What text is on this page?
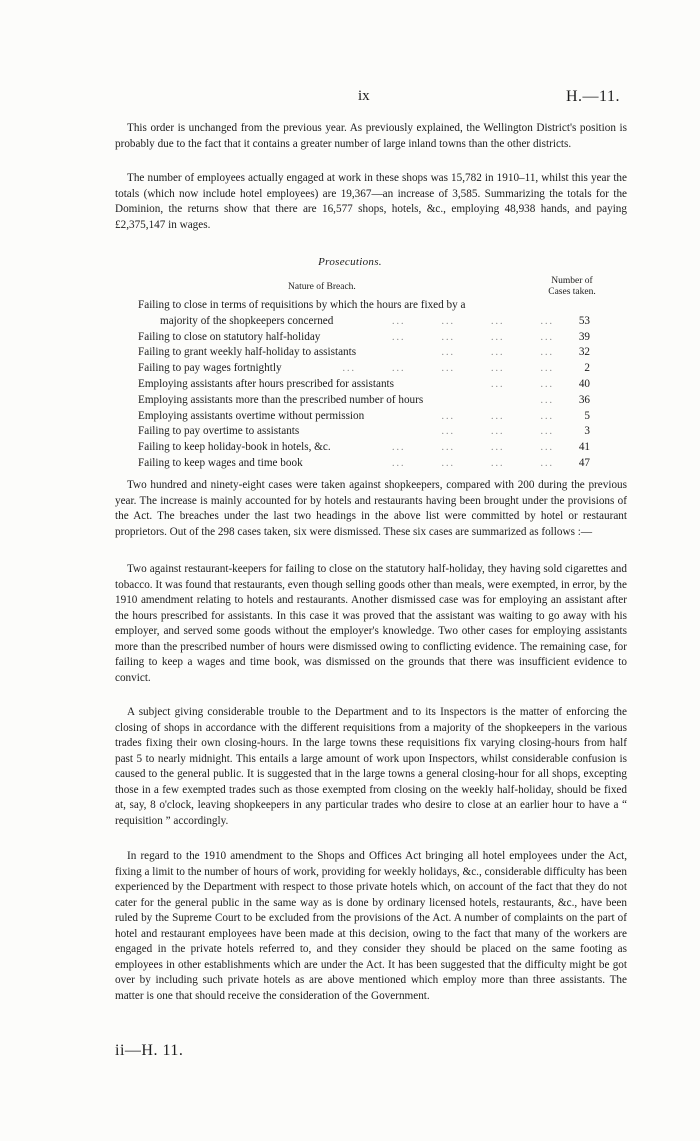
ix	H.—11.

This order is unchanged from the previous year. As previously explained, the Wellington District's position is probably due to the fact that it contains a greater number of large inland towns than the other districts.

The number of employees actually engaged at work in these shops was 15,782 in 1910–11, whilst this year the totals (which now include hotel employees) are 19,367—an increase of 3,585. Summarizing the totals for the Dominion, the returns show that there are 16,577 shops, hotels, &c., employing 48,938 hands, and paying £2,375,147 in wages.

Prosecutions.
Nature of Breach.
Number of
Cases taken.
Failing to close in terms of requisitions by which the hours are fixed by a
majority of the shopkeepers concerned	...        ...        ...        ...	53
Failing to close on statutory half-holiday	...        ...        ...        ...	39
Failing to grant weekly half-holiday to assistants	...        ...        ...	32
Failing to pay wages fortnightly	...        ...        ...        ...        ...	2
Employing assistants after hours prescribed for assistants	...        ...	40
Employing assistants more than the prescribed number of hours	...	36
Employing assistants overtime without permission	...        ...        ...	5
Failing to pay overtime to assistants	...        ...        ...	3
Failing to keep holiday-book in hotels, &c.	...        ...        ...        ...	41
Failing to keep wages and time book	...        ...        ...        ...	47

Two hundred and ninety-eight cases were taken against shopkeepers, compared with 200 during the previous year. The increase is mainly accounted for by hotels and restaurants having been brought under the provisions of the Act. The breaches under the last two headings in the above list were committed by hotel or restaurant proprietors. Out of the 298 cases taken, six were dismissed. These six cases are summarized as follows :—

Two against restaurant-keepers for failing to close on the statutory half-holiday, they having sold cigarettes and tobacco. It was found that restaurants, even though selling goods other than meals, were exempted, in error, by the 1910 amendment relating to hotels and restaurants. Another dismissed case was for employing an assistant after the hours prescribed for assistants. In this case it was proved that the assistant was waiting to go away with his employer, and served some goods without the employer's knowledge. Two other cases for employing assistants more than the prescribed number of hours were dismissed owing to conflicting evidence. The remaining case, for failing to keep a wages and time book, was dismissed on the grounds that there was insufficient evidence to convict.

A subject giving considerable trouble to the Department and to its Inspectors is the matter of enforcing the closing of shops in accordance with the different requisitions from a majority of the shopkeepers in the various trades fixing their own closing-hours. In the large towns these requisitions fix varying closing-hours from half past 5 to nearly midnight. This entails a large amount of work upon Inspectors, whilst considerable confusion is caused to the general public. It is suggested that in the large towns a general closing-hour for all shops, excepting those in a few exempted trades such as those exempted from closing on the weekly half-holiday, should be fixed at, say, 8 o'clock, leaving shopkeepers in any particular trades who desire to close at an earlier hour to have a “ requisition ” accordingly.

In regard to the 1910 amendment to the Shops and Offices Act bringing all hotel employees under the Act, fixing a limit to the number of hours of work, providing for weekly holidays, &c., considerable difficulty has been experienced by the Department with respect to those private hotels which, on account of the fact that they do not cater for the general public in the same way as is done by ordinary licensed hotels, restaurants, &c., have been ruled by the Supreme Court to be excluded from the provisions of the Act. A number of complaints on the part of hotel and restaurant employees have been made at this decision, owing to the fact that many of the workers are engaged in the private hotels referred to, and they consider they should be placed on the same footing as employees in other establishments which are under the Act. It has been suggested that the difficulty might be got over by including such private hotels as are above mentioned which employ more than three assistants. The matter is one that should receive the consideration of the Government.

ii—H. 11.
